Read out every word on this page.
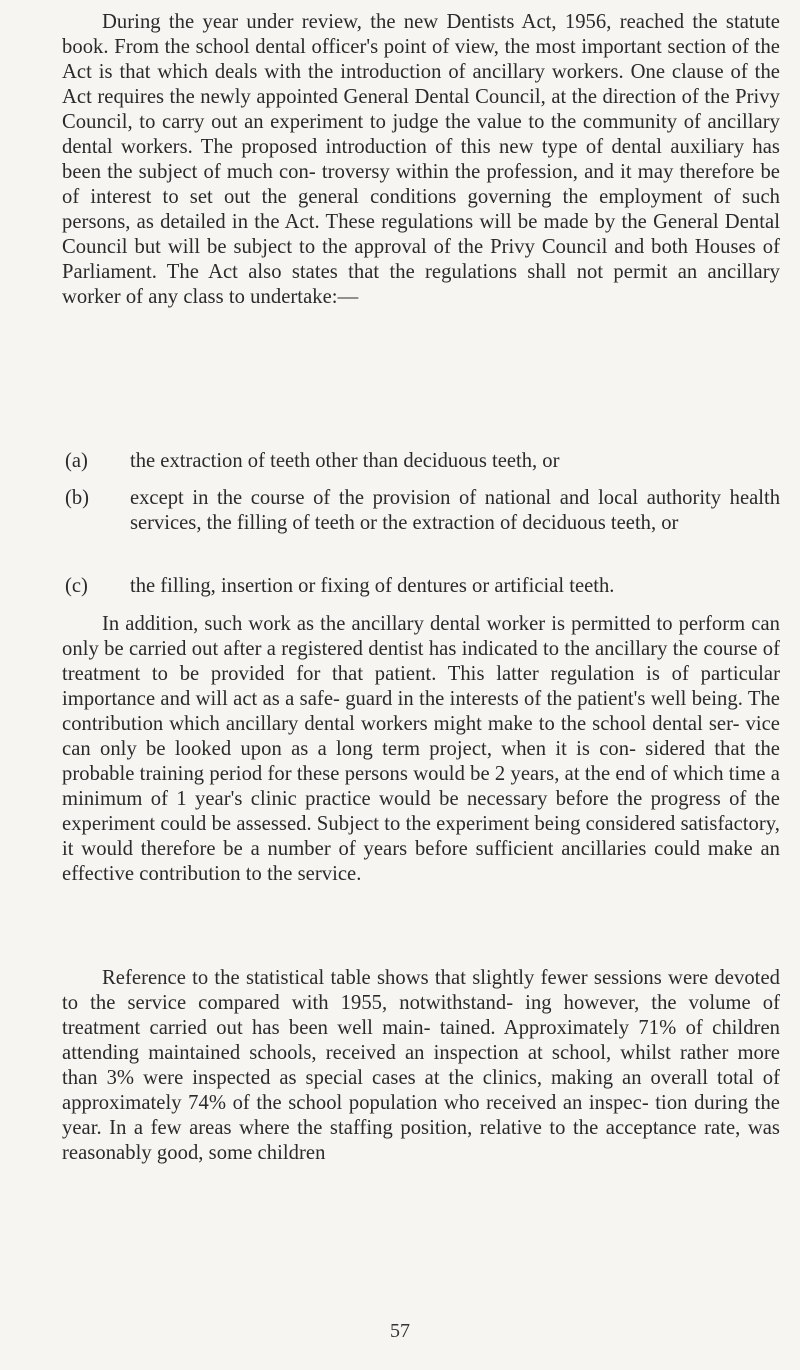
During the year under review, the new Dentists Act, 1956, reached the statute book. From the school dental officer's point of view, the most important section of the Act is that which deals with the introduction of ancillary workers. One clause of the Act requires the newly appointed General Dental Council, at the direction of the Privy Council, to carry out an experiment to judge the value to the community of ancillary dental workers. The proposed introduction of this new type of dental auxiliary has been the subject of much con- troversy within the profession, and it may therefore be of interest to set out the general conditions governing the employment of such persons, as detailed in the Act. These regulations will be made by the General Dental Council but will be subject to the approval of the Privy Council and both Houses of Parliament. The Act also states that the regulations shall not permit an ancillary worker of any class to undertake:—

(a) the extraction of teeth other than deciduous teeth, or
(b) except in the course of the provision of national and local authority health services, the filling of teeth or the extraction of deciduous teeth, or
(c) the filling, insertion or fixing of dentures or artificial teeth.

In addition, such work as the ancillary dental worker is permitted to perform can only be carried out after a registered dentist has indicated to the ancillary the course of treatment to be provided for that patient. This latter regulation is of particular importance and will act as a safe- guard in the interests of the patient's well being. The contribution which ancillary dental workers might make to the school dental ser- vice can only be looked upon as a long term project, when it is con- sidered that the probable training period for these persons would be 2 years, at the end of which time a minimum of 1 year's clinic practice would be necessary before the progress of the experiment could be assessed. Subject to the experiment being considered satisfactory, it would therefore be a number of years before sufficient ancillaries could make an effective contribution to the service.

Reference to the statistical table shows that slightly fewer sessions were devoted to the service compared with 1955, notwithstand- ing however, the volume of treatment carried out has been well main- tained. Approximately 71% of children attending maintained schools, received an inspection at school, whilst rather more than 3% were inspected as special cases at the clinics, making an overall total of approximately 74% of the school population who received an inspec- tion during the year. In a few areas where the staffing position, relative to the acceptance rate, was reasonably good, some children

57
